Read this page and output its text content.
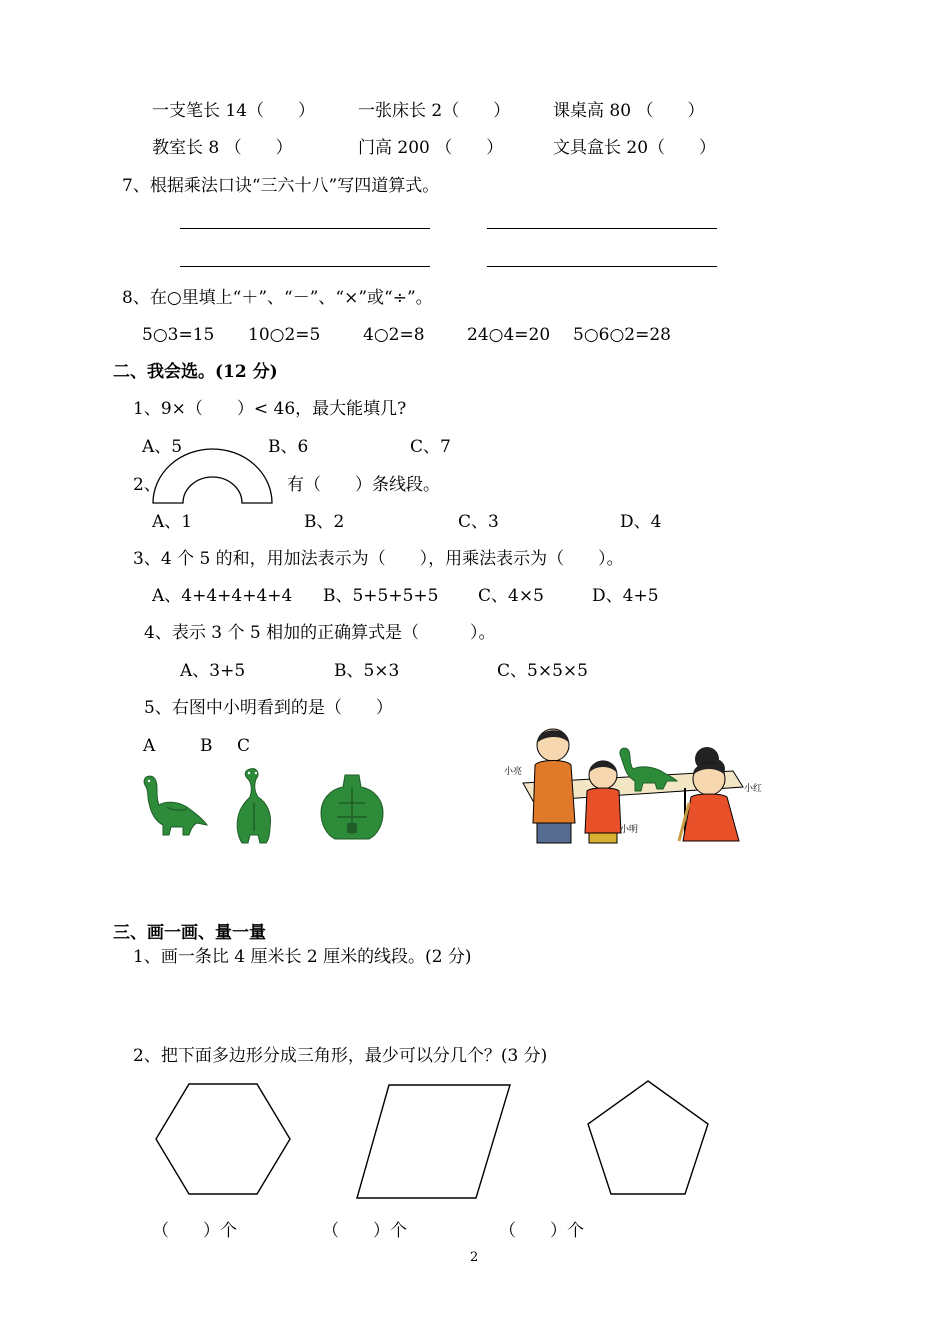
一支笔长 14（　　）	一张床长 2（　　）	课桌高 80 （　　）
教室长 8 （　　）	门高 200 （　　）	文具盒长 20（　　）
7、根据乘法口诀“三六十八”写四道算式。
8、在○里填上“＋”、“－”、“×”或“÷”。
5○3=15 10○2=5	4○2=8 24○4=20 5○6○2=28
二、我会选。(12 分)
1、9×（　　）< 46，最大能填几?
A、5	B、6	C、7
2、	有（　　）条线段。
A、1	B、2	C、3	D、4
3、4 个 5 的和，用加法表示为（　　），用乘法表示为（　　）。
A、4+4+4+4+4 B、5+5+5+5 C、4×5	D、4+5
4、表示 3 个 5 相加的正确算式是（　　　）。
A、3+5	B、5×3	C、5×5×5
5、右图中小明看到的是（　　）
A	B C
小亮
小明
小红
三、画一画、量一量
1、画一条比 4 厘米长 2 厘米的线段。(2 分)
2、把下面多边形分成三角形，最少可以分几个？(3 分)
（　　）个	（　　）个	（　　）个
2
